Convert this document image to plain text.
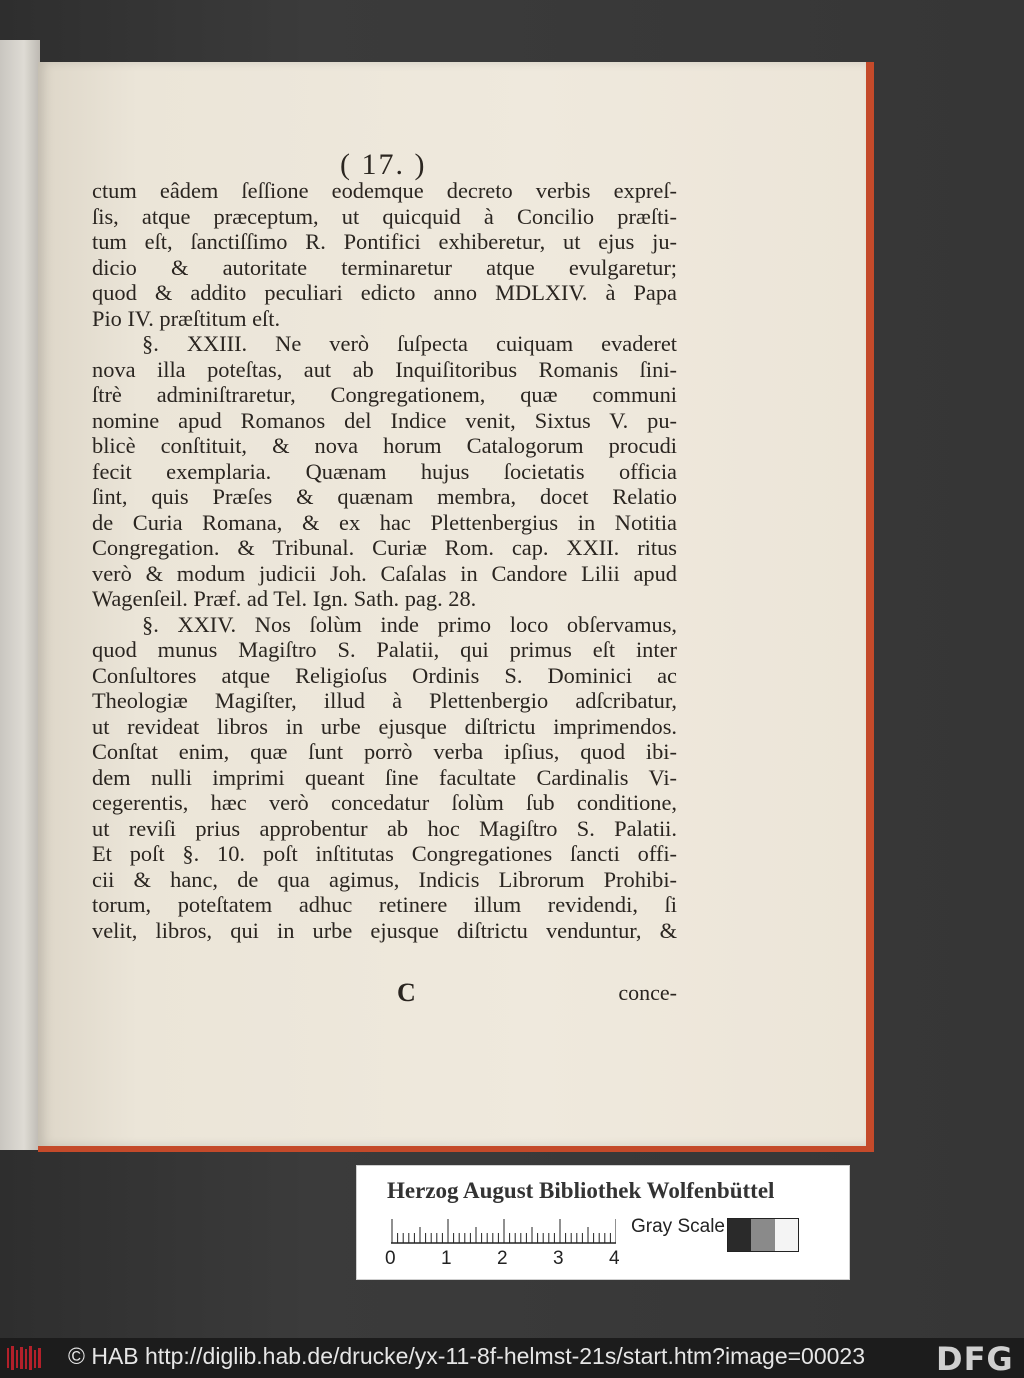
( 17. )
ctum eâdem ſeſſione eodemque decreto verbis expreſ-
ſis, atque præceptum, ut quicquid à Concilio præſti-
tum eſt, ſanctiſſimo R. Pontifici exhiberetur, ut ejus ju-
dicio & autoritate terminaretur atque evulgaretur;
quod & addito peculiari edicto anno MDLXIV. à Papa
Pio IV. præſtitum eſt.
§. XXIII. Ne verò ſuſpecta cuiquam evaderet
nova illa poteſtas, aut ab Inquiſitoribus Romanis ſini-
ſtrè adminiſtraretur, Congregationem, quæ communi
nomine apud Romanos del Indice venit, Sixtus V. pu-
blicè conſtituit, & nova horum Catalogorum procudi
fecit exemplaria. Quænam hujus ſocietatis officia
ſint, quis Præſes & quænam membra, docet Relatio
de Curia Romana, & ex hac Plettenbergius in Notitia
Congregation. & Tribunal. Curiæ Rom. cap. XXII. ritus
verò & modum judicii Joh. Caſalas in Candore Lilii apud
Wagenſeil. Præf. ad Tel. Ign. Sath. pag. 28.
§. XXIV. Nos ſolùm inde primo loco obſervamus,
quod munus Magiſtro S. Palatii, qui primus eſt inter
Conſultores atque Religioſus Ordinis S. Dominici ac
Theologiæ Magiſter, illud à Plettenbergio adſcribatur,
ut revideat libros in urbe ejusque diſtrictu imprimendos.
Conſtat enim, quæ ſunt porrò verba ipſius, quod ibi-
dem nulli imprimi queant ſine facultate Cardinalis Vi-
cegerentis, hæc verò concedatur ſolùm ſub conditione,
ut reviſi prius approbentur ab hoc Magiſtro S. Palatii.
Et poſt §. 10. poſt inſtitutas Congregationes ſancti offi-
cii & hanc, de qua agimus, Indicis Librorum Prohibi-
torum, poteſtatem adhuc retinere illum revidendi, ſi
velit, libros, qui in urbe ejusque diſtrictu venduntur, &
C	conce-
Herzog August Bibliothek Wolfenbüttel
0 1 2 3 4
Gray Scale
© HAB http://diglib.hab.de/drucke/yx-11-8f-helmst-21s/start.htm?image=00023 DFG
